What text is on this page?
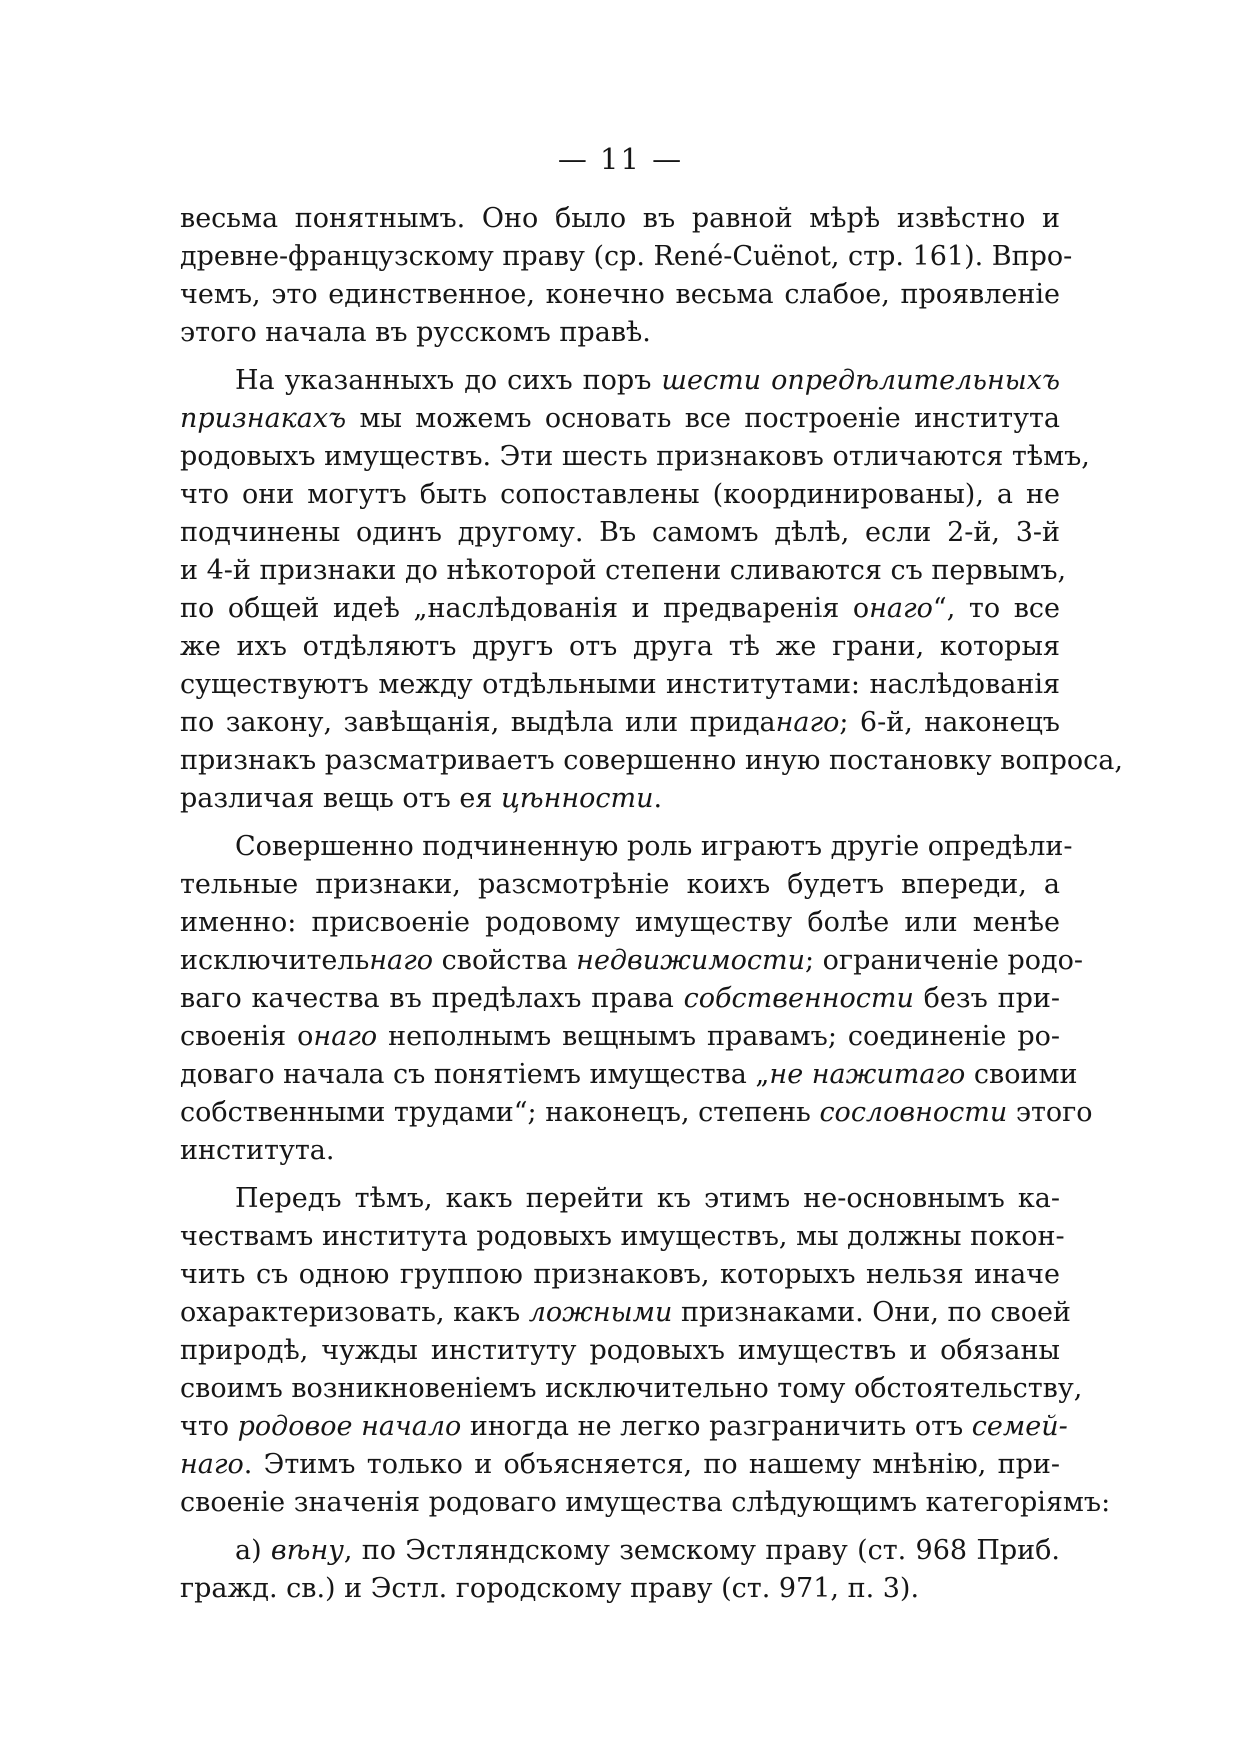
— 11 —
весьма понятнымъ. Оно было въ равной мѣрѣ извѣстно и
древне-французскому праву (ср. René-Cuënot, стр. 161). Впро-
чемъ, это единственное, конечно весьма слабое, проявленіе
этого начала въ русскомъ правѣ.
На указанныхъ до сихъ поръ шести опредѣлительныхъ
признакахъ мы можемъ основать все построеніе института
родовыхъ имуществъ. Эти шесть признаковъ отличаются тѣмъ,
что они могутъ быть сопоставлены (координированы), а не
подчинены одинъ другому. Въ самомъ дѣлѣ, если 2-й, 3-й
и 4-й признаки до нѣкоторой степени сливаются съ первымъ,
по общей идеѣ „наслѣдованія и предваренія онаго“, то все
же ихъ отдѣляютъ другъ отъ друга тѣ же грани, которыя
существуютъ между отдѣльными институтами: наслѣдованія
по закону, завѣщанія, выдѣла или приданаго; 6-й, наконецъ
признакъ разсматриваетъ совершенно иную постановку вопроса,
различая вещь отъ ея цѣнности.
Совершенно подчиненную роль играютъ другіе опредѣли-
тельные признаки, разсмотрѣніе коихъ будетъ впереди, а
именно: присвоеніе родовому имуществу болѣе или менѣе
исключительнаго свойства недвижимости; ограниченіе родо-
ваго качества въ предѣлахъ права собственности безъ при-
своенія онаго неполнымъ вещнымъ правамъ; соединеніе ро-
доваго начала съ понятіемъ имущества „не нажитаго своими
собственными трудами“; наконецъ, степень сословности этого
института.
Передъ тѣмъ, какъ перейти къ этимъ не-основнымъ ка-
чествамъ института родовыхъ имуществъ, мы должны покон-
чить съ одною группою признаковъ, которыхъ нельзя иначе
охарактеризовать, какъ ложными признаками. Они, по своей
природѣ, чужды институту родовыхъ имуществъ и обязаны
своимъ возникновеніемъ исключительно тому обстоятельству,
что родовое начало иногда не легко разграничить отъ семей-
наго. Этимъ только и объясняется, по нашему мнѣнію, при-
своеніе значенія родоваго имущества слѣдующимъ категоріямъ:
а) вѣну, по Эстляндскому земскому праву (ст. 968 Приб.
гражд. св.) и Эстл. городскому праву (ст. 971, п. 3).
